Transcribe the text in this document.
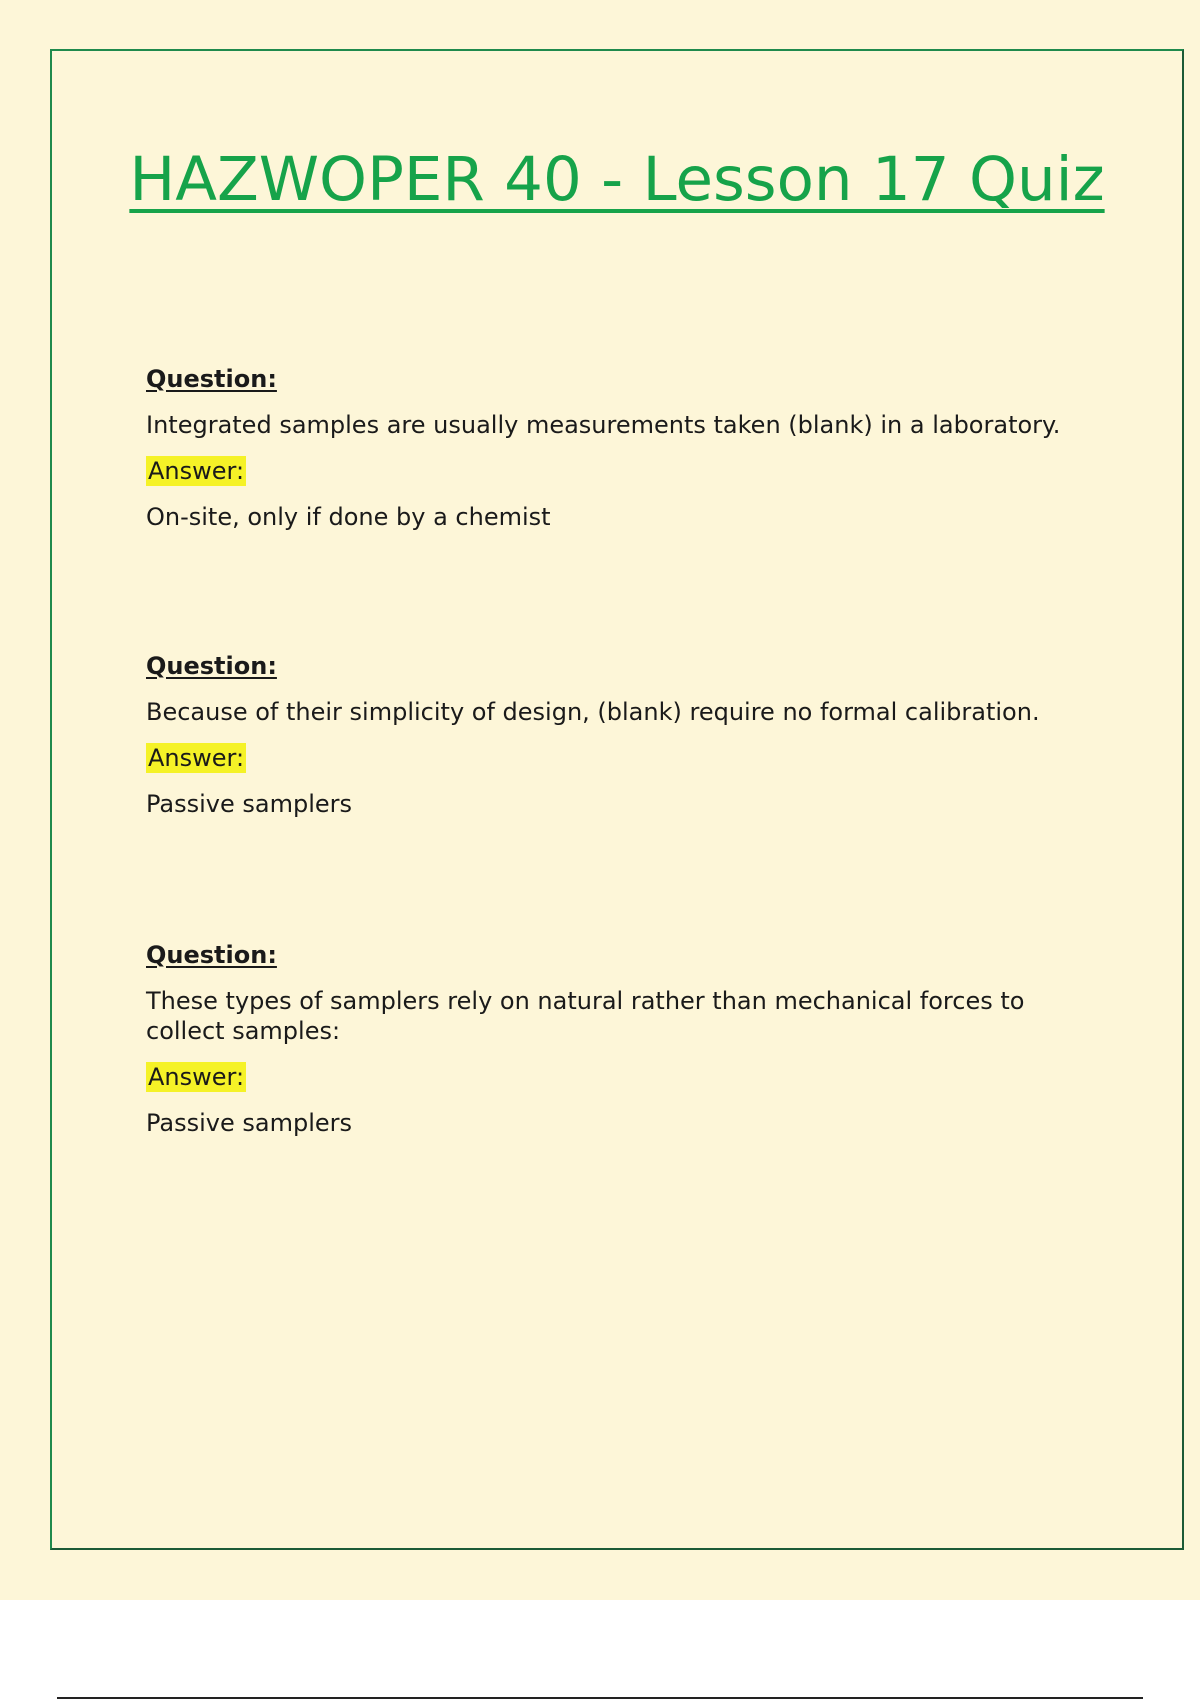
HAZWOPER 40 - Lesson 17 Quiz
Question:
Integrated samples are usually measurements taken (blank) in a laboratory.
Answer:
On-site, only if done by a chemist
Question:
Because of their simplicity of design, (blank) require no formal calibration.
Answer:
Passive samplers
Question:
These types of samplers rely on natural rather than mechanical forces to collect samples:
Answer:
Passive samplers
